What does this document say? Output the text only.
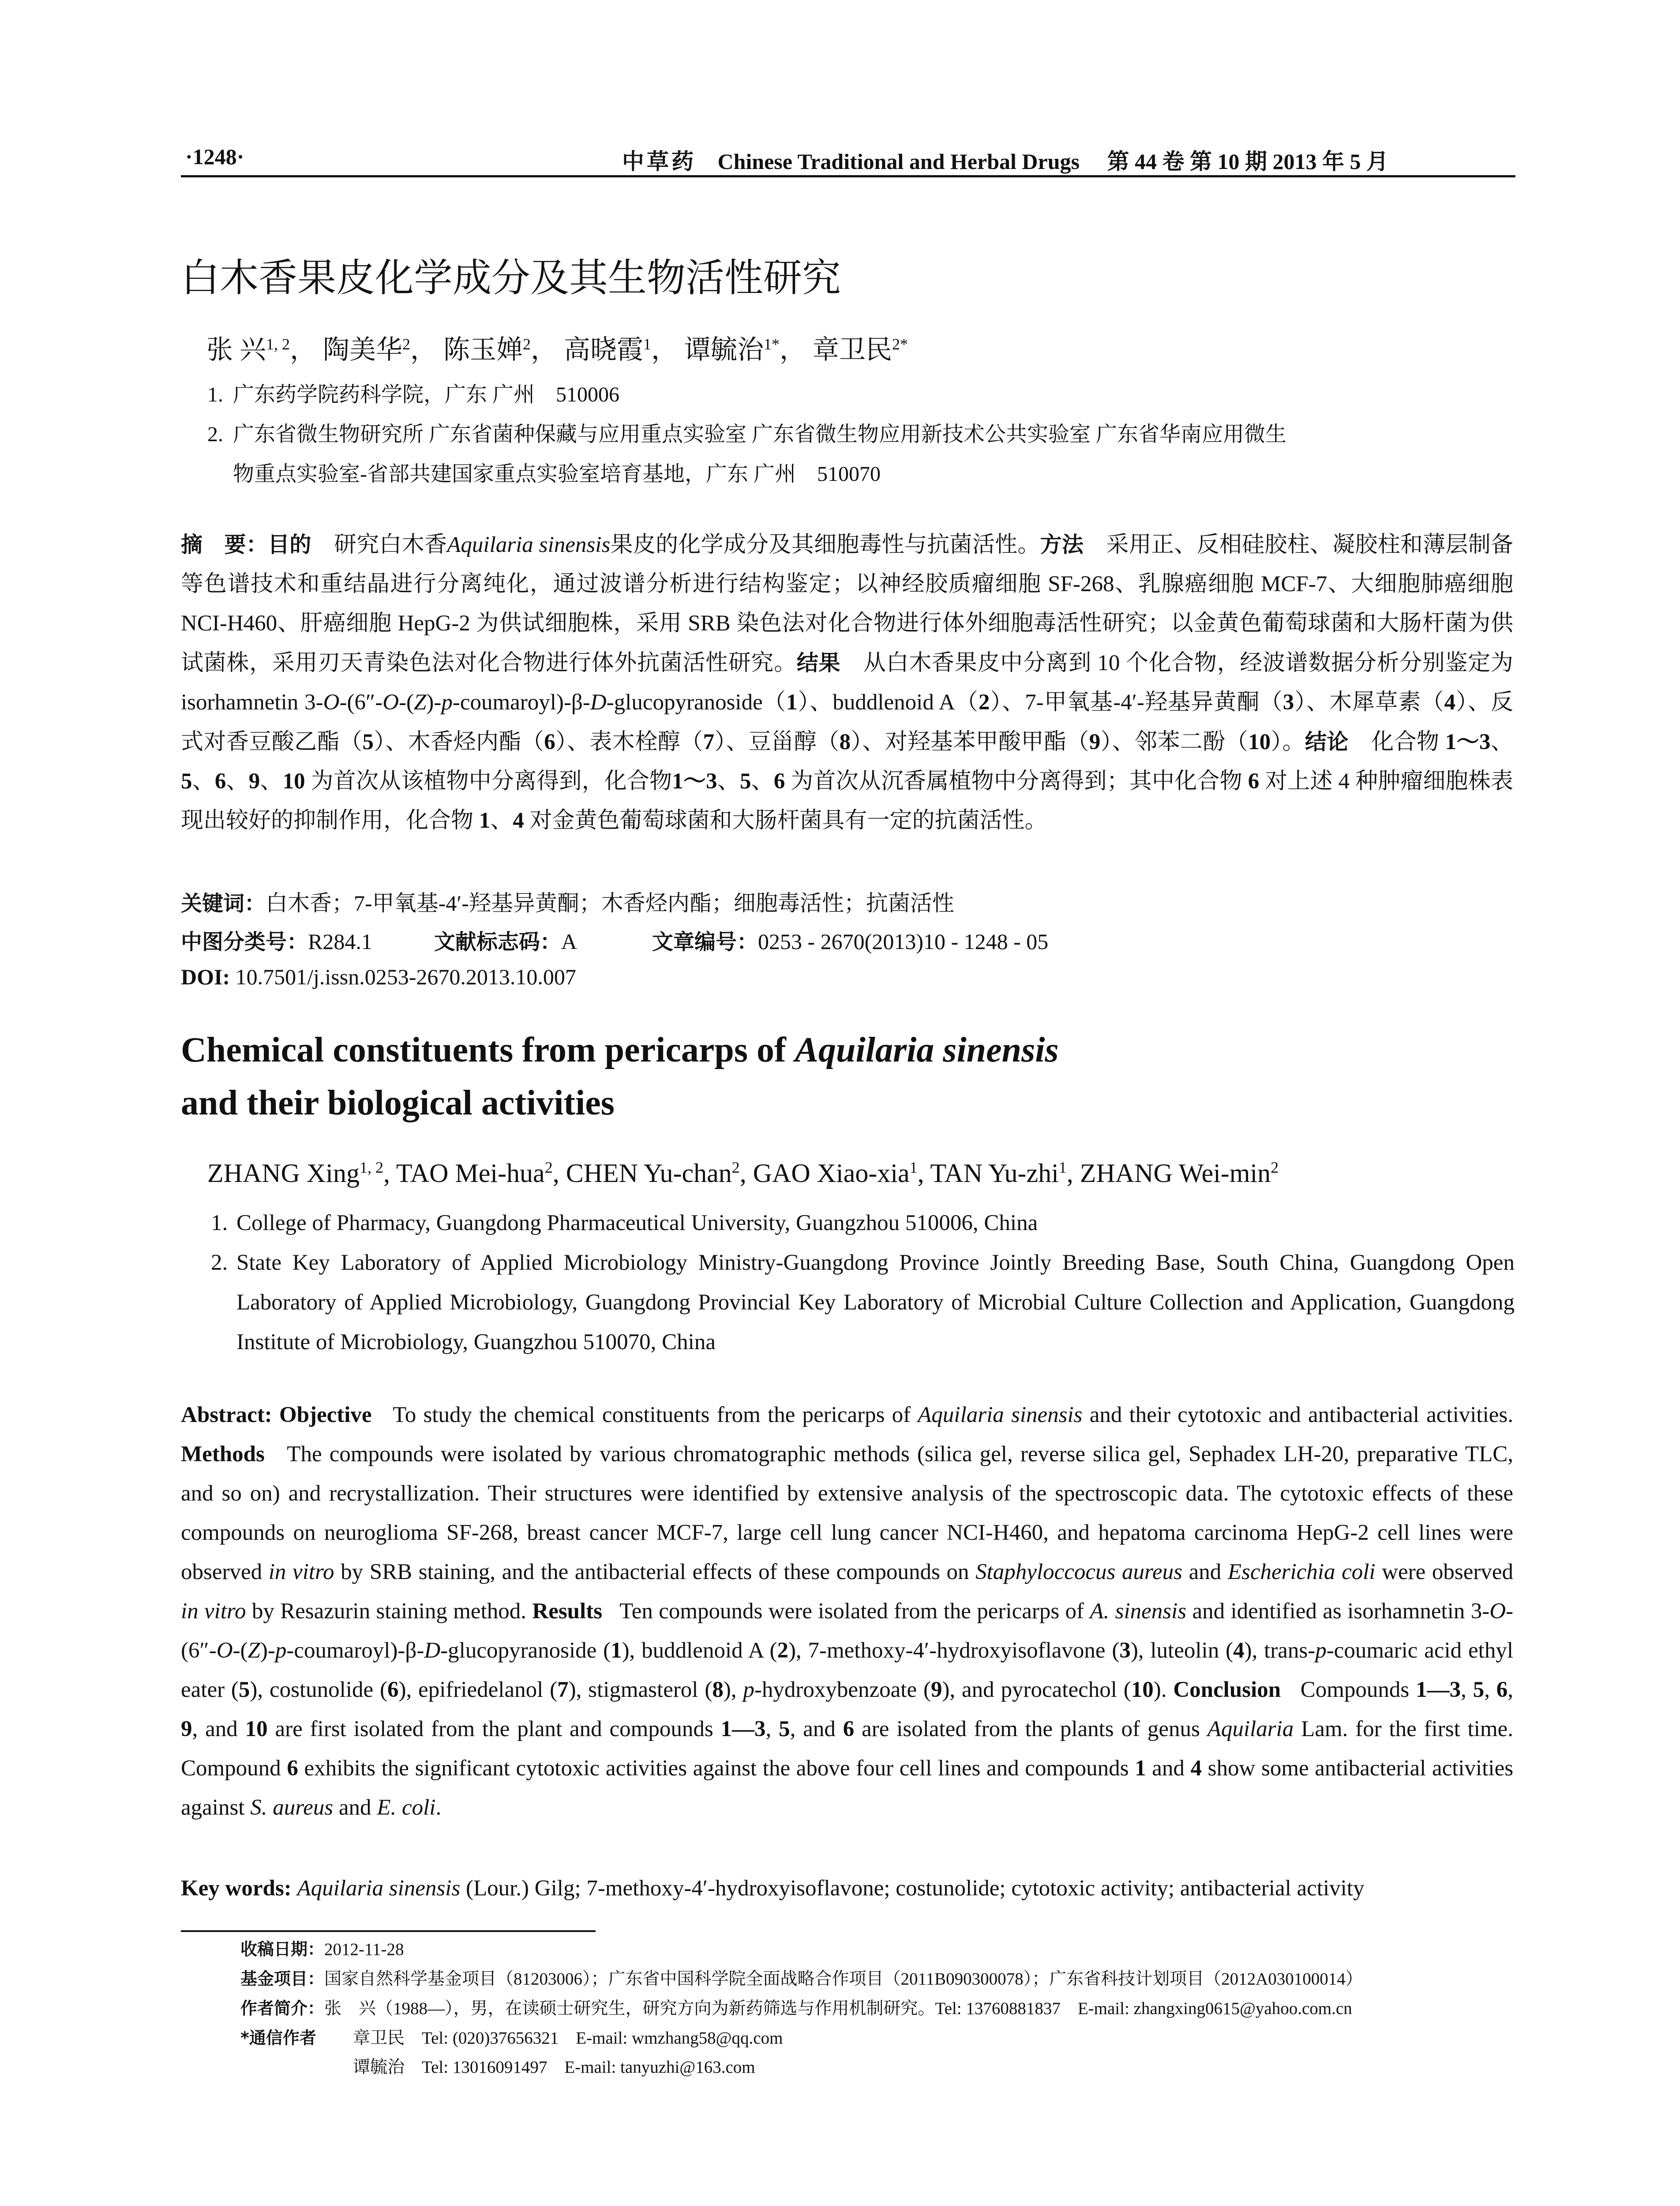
·1248·	中草药 Chinese Traditional and Herbal Drugs 第 44 卷 第 10 期 2013 年 5 月
白木香果皮化学成分及其生物活性研究
张 兴$^{1, 2}$， 陶美华$^2$， 陈玉婵$^2$， 高晓霞$^1$， 谭毓治$^{1*}$， 章卫民$^{2*}$
1. 广东药学院药科学院，广东 广州　510006
2. 广东省微生物研究所 广东省菌种保藏与应用重点实验室 广东省微生物应用新技术公共实验室 广东省华南应用微生
物重点实验室-省部共建国家重点实验室培育基地，广东 广州　510070
摘　要：目的　 研究白木香Aquilaria sinensis果皮的化学成分及其细胞毒性与抗菌活性。方法　 采用正、反相硅胶柱、凝胶柱和薄层制备等色谱技术和重结晶进行分离纯化，通过波谱分析进行结构鉴定；以神经胶质瘤细胞 SF-268、乳腺癌细胞 MCF-7、大细胞肺癌细胞 NCI-H460、肝癌细胞 HepG-2 为供试细胞株，采用 SRB 染色法对化合物进行体外细胞毒活性研究；以金黄色葡萄球菌和大肠杆菌为供试菌株，采用刃天青染色法对化合物进行体外抗菌活性研究。结果　 从白木香果皮中分离到 10 个化合物，经波谱数据分析分别鉴定为 isorhamnetin 3-O-(6″-O-(Z)-p-coumaroyl)-β-D-glucopyranoside（1）、buddlenoid A（2）、7-甲氧基-4′-羟基异黄酮（3）、木犀草素（4）、反式对香豆酸乙酯（5）、木香烃内酯（6）、表木栓醇（7）、豆甾醇（8）、对羟基苯甲酸甲酯（9）、邻苯二酚（10）。结论　 化合物 1～3、5、6、9、10 为首次从该植物中分离得到，化合物1～3、5、6 为首次从沉香属植物中分离得到；其中化合物 6 对上述 4 种肿瘤细胞株表现出较好的抑制作用，化合物 1、4 对金黄色葡萄球菌和大肠杆菌具有一定的抗菌活性。
关键词：白木香；7-甲氧基-4′-羟基异黄酮；木香烃内酯；细胞毒活性；抗菌活性
中图分类号：R284.1	文献标志码：A	文章编号：0253 - 2670(2013)10 - 1248 - 05
DOI: 10.7501/j.issn.0253-2670.2013.10.007
Chemical constituents from pericarps of Aquilaria sinensis
and their biological activities
ZHANG Xing$^{1, 2}$, TAO Mei-hua$^2$, CHEN Yu-chan$^2$, GAO Xiao-xia$^1$, TAN Yu-zhi$^1$, ZHANG Wei-$\min^2$
1. College of Pharmacy, Guangdong Pharmaceutical University, Guangzhou 510006, China
2. State Key Laboratory of Applied Microbiology Ministry-Guangdong Province Jointly Breeding Base, South China, Guangdong Open Laboratory of Applied Microbiology, Guangdong Provincial Key Laboratory of Microbial Culture Collection and Application, Guangdong Institute of Microbiology, Guangzhou 510070, China
Abstract: Objective To study the chemical constituents from the pericarps of Aquilaria sinensis and their cytotoxic and antibacterial activities. Methods The compounds were isolated by various chromatographic methods (silica gel, reverse silica gel, Sephadex LH-20, preparative TLC, and so on) and recrystallization. Their structures were identified by extensive analysis of the spectroscopic data. The cytotoxic effects of these compounds on neuroglioma SF-268, breast cancer MCF-7, large cell lung cancer NCI-H460, and hepatoma carcinoma HepG-2 cell lines were observed in vitro by SRB staining, and the antibacterial effects of these compounds on Staphyloccocus aureus and Escherichia coli were observed in vitro by Resazurin staining method. Results Ten compounds were isolated from the pericarps of A. sinensis and identified as isorhamnetin 3-O-(6″-O-(Z)-p-coumaroyl)-β-D-glucopyranoside (1), buddlenoid A (2), 7-methoxy-4′-hydroxyisoflavone (3), luteolin (4), trans-p-coumaric acid ethyl eater (5), costunolide (6), epifriedelanol (7), stigmasterol (8), p-hydroxybenzoate (9), and pyrocatechol (10). Conclusion Compounds 1—3, 5, 6, 9, and 10 are first isolated from the plant and compounds 1—3, 5, and 6 are isolated from the plants of genus Aquilaria Lam. for the first time. Compound 6 exhibits the significant cytotoxic activities against the above four cell lines and compounds 1 and 4 show some antibacterial activities against S. aureus and E. coli.
Key words: Aquilaria sinensis (Lour.) Gilg; 7-methoxy-4′-hydroxyisoflavone; costunolide; cytotoxic activity; antibacterial activity
收稿日期：2012-11-28
基金项目：国家自然科学基金项目（81203006）；广东省中国科学院全面战略合作项目（2011B090300078）；广东省科技计划项目（2012A030100014）
作者简介：张　兴（1988—），男，在读硕士研究生，研究方向为新药筛选与作用机制研究。Tel: 13760881837　E-mail: zhangxing0615@yahoo.com.cn
*通信作者 章卫民　Tel: (020)37656321　E-mail: wmzhang58@qq.com
谭毓治　Tel: 13016091497　E-mail: tanyuzhi@163.com
